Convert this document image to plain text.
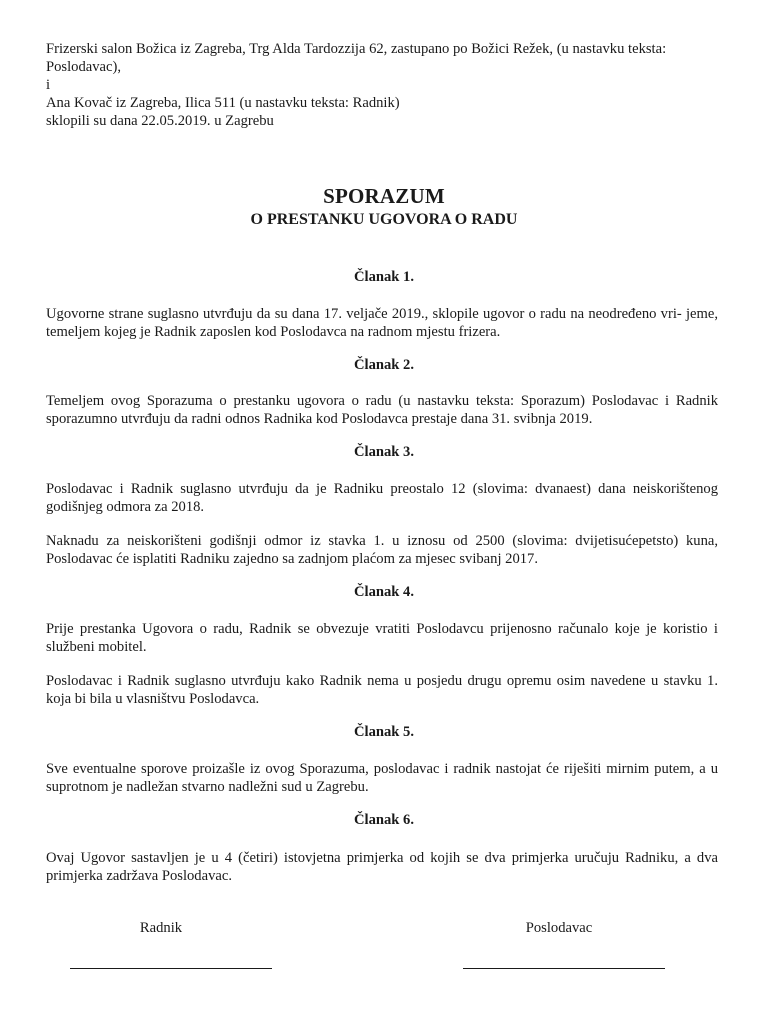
Frizerski salon Božica iz Zagreba, Trg Alda Tardozzija 62, zastupano po Božici Režek, (u nastavku teksta:

Poslodavac),

i

Ana Kovač iz Zagreba, Ilica 511 (u nastavku teksta: Radnik)

sklopili su dana 22.05.2019. u Zagrebu

SPORAZUM
O PRESTANKU UGOVORA O RADU
Članak 1.

Ugovorne strane suglasno utvrđuju da su dana 17. veljače 2019., sklopile ugovor o radu na neodređeno vri- jeme, temeljem kojeg je Radnik zaposlen kod Poslodavca na radnom mjestu frizera.

Članak 2.

Temeljem ovog Sporazuma o prestanku ugovora o radu (u nastavku teksta: Sporazum) Poslodavac i Radnik sporazumno utvrđuju da radni odnos Radnika kod Poslodavca prestaje dana 31. svibnja 2019.

Članak 3.

Poslodavac i Radnik suglasno utvrđuju da je Radniku preostalo 12 (slovima: dvanaest) dana neiskorištenog godišnjeg odmora za 2018.

Naknadu za neiskorišteni godišnji odmor iz stavka 1. u iznosu od 2500 (slovima: dvijetisućepetsto) kuna, Poslodavac će isplatiti Radniku zajedno sa zadnjom plaćom za mjesec svibanj 2017.

Članak 4.

Prije prestanka Ugovora o radu, Radnik se obvezuje vratiti Poslodavcu prijenosno računalo koje je koristio i službeni mobitel.

Poslodavac i Radnik suglasno utvrđuju kako Radnik nema u posjedu drugu opremu osim navedene u stavku 1. koja bi bila u vlasništvu Poslodavca.

Članak 5.

Sve eventualne sporove proizašle iz ovog Sporazuma, poslodavac i radnik nastojat će riješiti mirnim putem, a u suprotnom je nadležan stvarno nadležni sud u Zagrebu.

Članak 6.

Ovaj Ugovor sastavljen je u 4 (četiri) istovjetna primjerka od kojih se dva primjerka uručuju Radniku, a dva primjerka zadržava Poslodavac.

Radnik	Poslodavac
